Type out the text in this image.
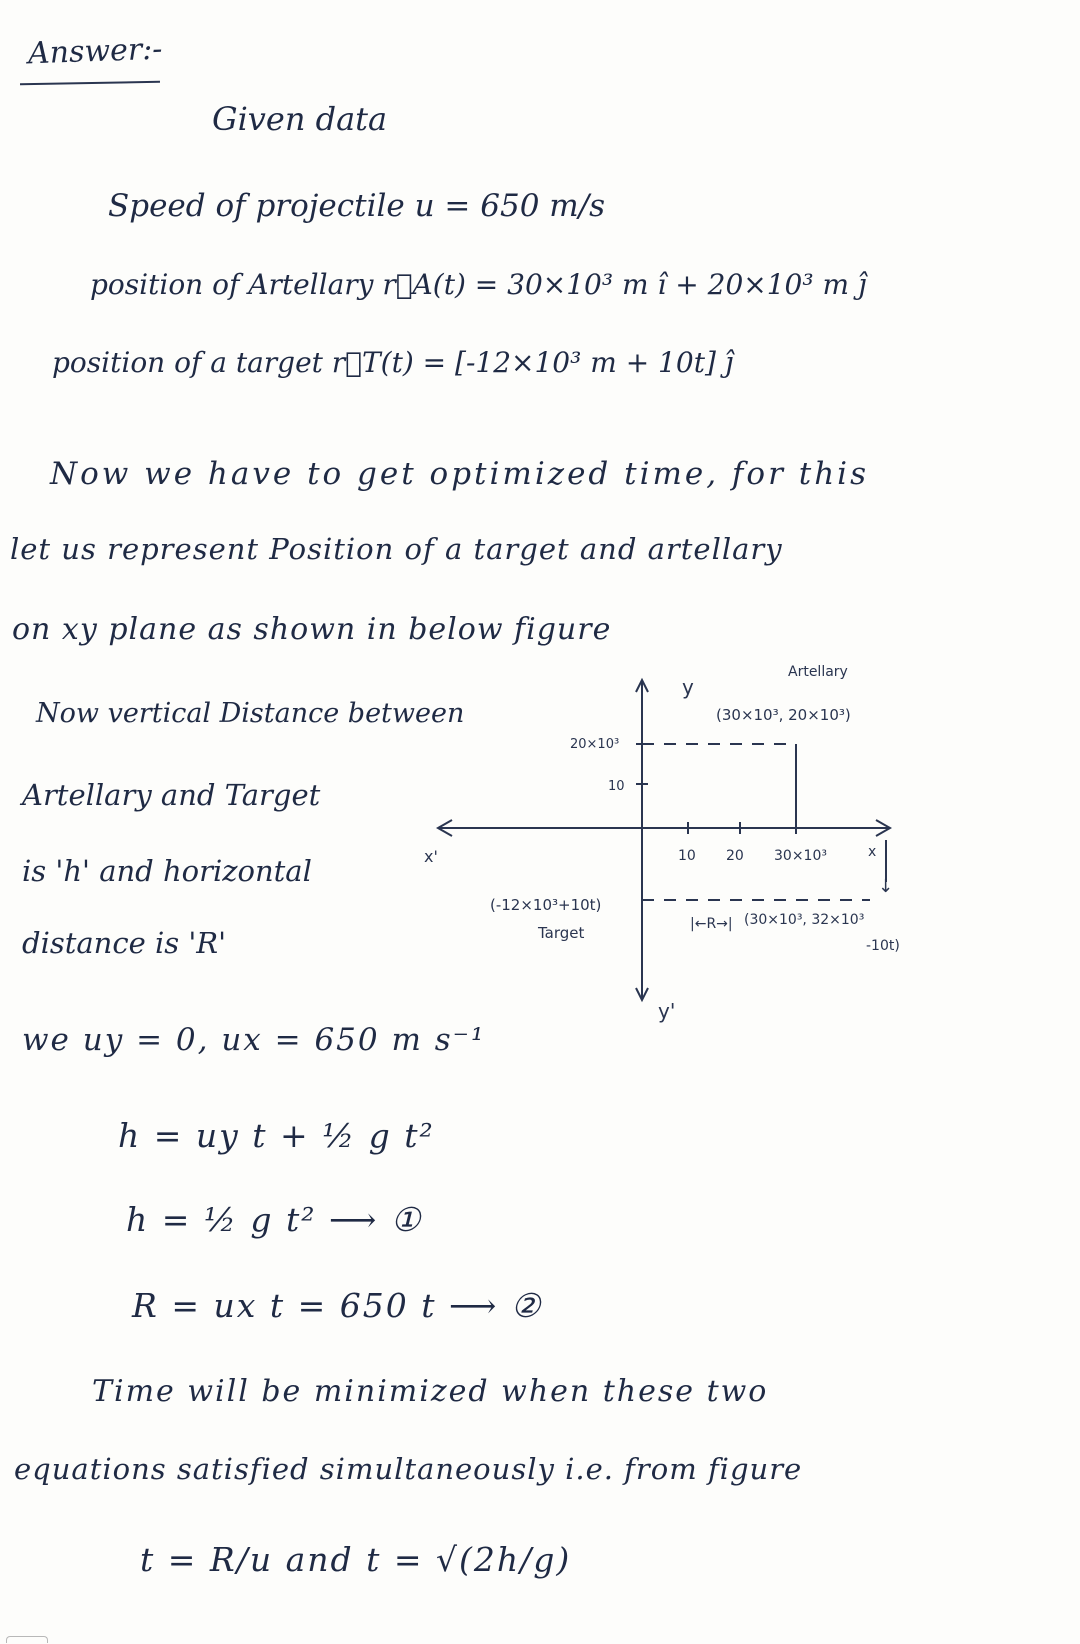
Answer:-
Given data
Speed of projectile u = 650 m/s
position of Artellary r⃗A(t) = 30×10³ m î + 20×10³ m ĵ
position of a target r⃗T(t) = [-12×10³ m + 10t] ĵ
Now we have to get optimized time, for this
let us represent Position of a target and artellary
on xy plane as shown in below figure
Now vertical Distance between
Artellary and Target
is 'h' and horizontal
distance is 'R'
we uy = 0, ux = 650 m s⁻¹
h = uy t + ½ g t²
h = ½ g t² ⟶ ①
R = ux t = 650 t ⟶ ②
Time will be minimized when these two
equations satisfied simultaneously i.e. from figure
t = R/u and t = √(2h/g)
Artellary
(30×10³, 20×10³)
y
y'
x
x'
20×10³
10
10 20 30×10³
(-12×10³+10t)
Target	|←R→| (30×10³, 32×10³
-10t)
↓
